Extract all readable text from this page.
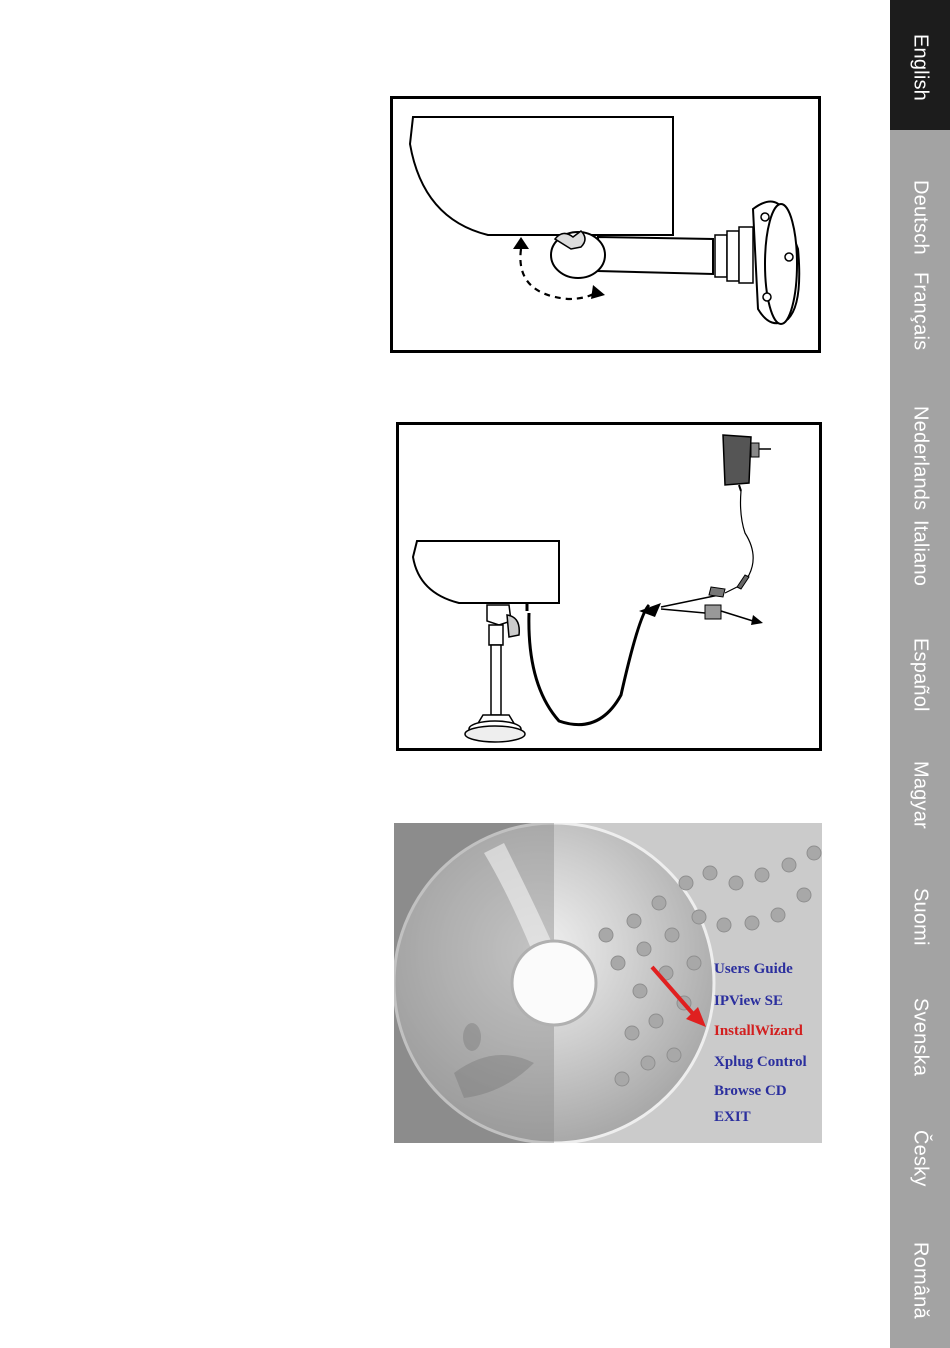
Users Guide
IPView SE
InstallWizard
Xplug Control
Browse CD
EXIT
English
Deutsch
Français
Nederlands
Italiano
Español
Magyar
Suomi
Svenska
Česky
Română
